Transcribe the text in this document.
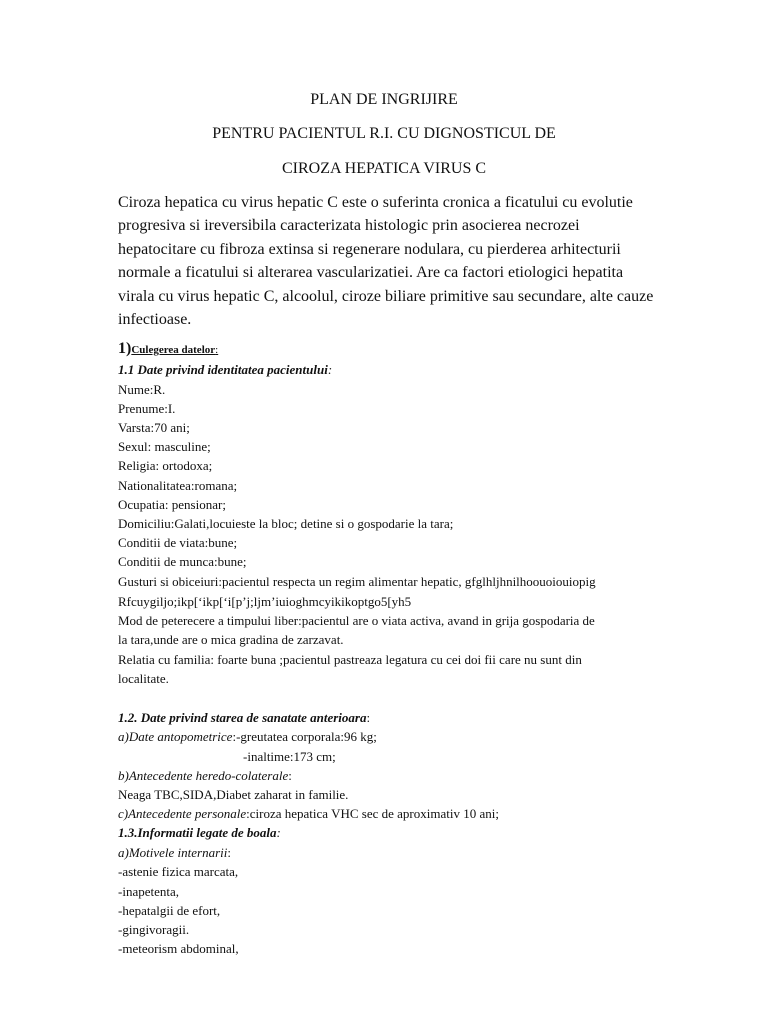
PLAN DE INGRIJIRE
PENTRU PACIENTUL R.I. CU DIGNOSTICUL DE
CIROZA HEPATICA VIRUS C

Ciroza hepatica cu virus hepatic C este o suferinta cronica a ficatului cu evolutie progresiva si ireversibila caracterizata histologic prin asocierea necrozei hepatocitare cu fibroza extinsa si regenerare nodulara, cu pierderea arhitecturii normale a ficatului si alterarea vascularizatiei. Are ca factori etiologici hepatita virala cu virus hepatic C, alcoolul, ciroze biliare primitive sau secundare, alte cauze infectioase.

1)Culegerea datelor:
1.1 Date privind identitatea pacientului:
Nume:R.
Prenume:I.
Varsta:70 ani;
Sexul: masculine;
Religia: ortodoxa;
Nationalitatea:romana;
Ocupatia: pensionar;
Domiciliu:Galati,locuieste la bloc; detine si o gospodarie la tara;
Conditii de viata:bune;
Conditii de munca:bune;
Gusturi si obiceiuri:pacientul respecta un regim alimentar hepatic, gfglhljhnilhoouoiouiopig
Rfcuygiljo;ikp[‘ikp[‘i[p’j;ljm’iuioghmcyikikoptgo5[yh5
Mod de peterecere a timpului liber:pacientul are o viata activa, avand in grija gospodaria de
la tara,unde are o mica gradina de zarzavat.
Relatia cu familia: foarte buna ;pacientul pastreaza legatura cu cei doi fii care nu sunt din
localitate.
1.2. Date privind starea de sanatate anterioara:
a)Date antopometrice:-greutatea corporala:96 kg;
-inaltime:173 cm;
b)Antecedente heredo-colaterale:
Neaga TBC,SIDA,Diabet zaharat in familie.
c)Antecedente personale:ciroza hepatica VHC sec de aproximativ 10 ani;
1.3.Informatii legate de boala:
a)Motivele internarii:
-astenie fizica marcata,
-inapetenta,
-hepatalgii de efort,
-gingivoragii.
-meteorism abdominal,
